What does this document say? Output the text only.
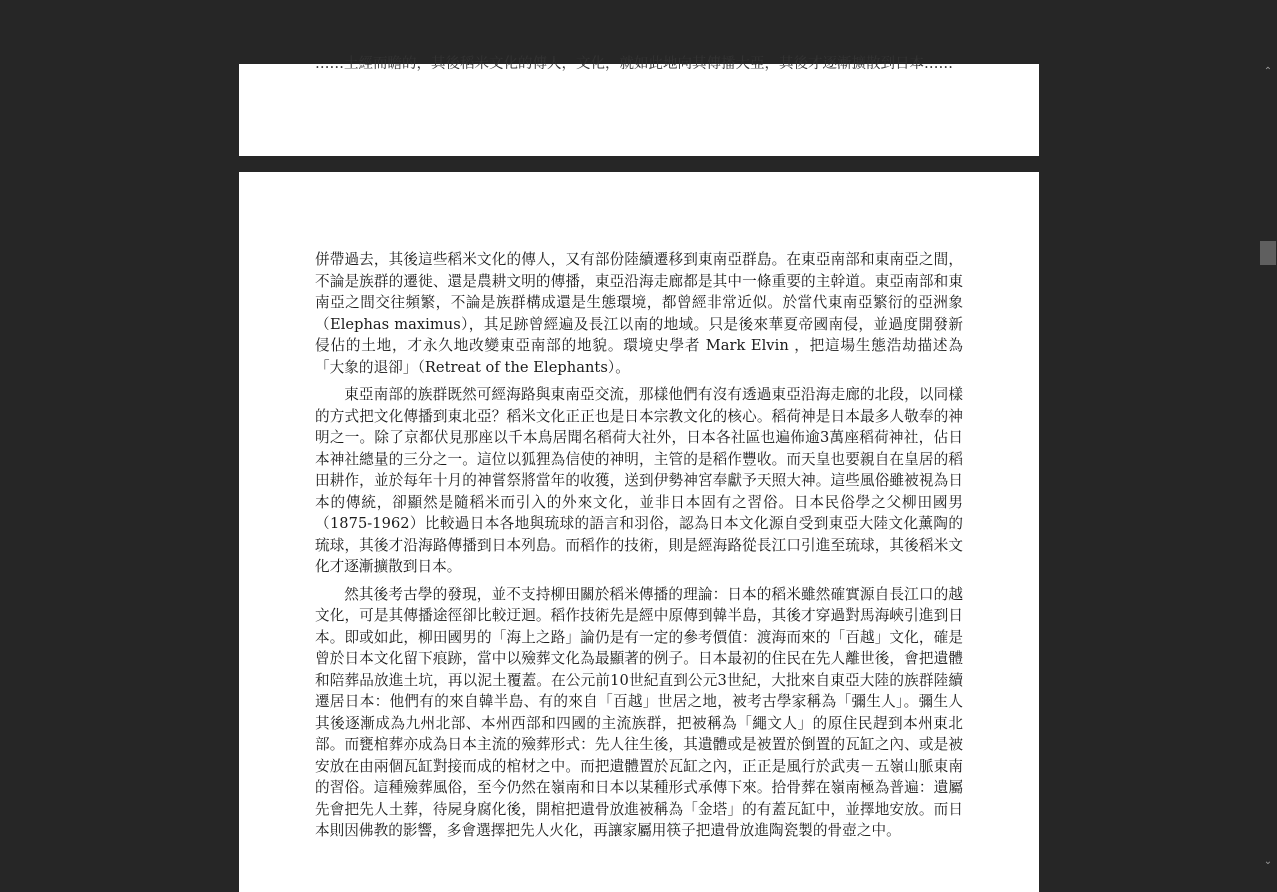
……土經而瞻的，其後稻米文化的傳人，文化，就如此地向其傳播大亞，其後才逐漸擴散到日本……

併帶過去，其後這些稻米文化的傳人，又有部份陸續遷移到東南亞群島。在東亞南部和東南亞之間，不論是族群的遷徙、還是農耕文明的傳播，東亞沿海走廊都是其中一條重要的主幹道。東亞南部和東南亞之間交往頻繁，不論是族群構成還是生態環境，都曾經非常近似。於當代東南亞繁衍的亞洲象（Elephas maximus），其足跡曾經遍及長江以南的地域。只是後來華夏帝國南侵，並過度開發新侵佔的土地，才永久地改變東亞南部的地貌。環境史學者 Mark Elvin ，把這場生態浩劫描述為「大象的退卻」（Retreat of the Elephants）。

東亞南部的族群既然可經海路與東南亞交流，那樣他們有沒有透過東亞沿海走廊的北段，以同樣的方式把文化傳播到東北亞？稻米文化正正也是日本宗教文化的核心。稻荷神是日本最多人敬奉的神明之一。除了京都伏見那座以千本鳥居聞名稻荷大社外，日本各社區也遍佈逾3萬座稻荷神社，佔日本神社總量的三分之一。這位以狐狸為信使的神明，主管的是稻作豐收。而天皇也要親自在皇居的稻田耕作，並於每年十月的神嘗祭將當年的收獲，送到伊勢神宮奉獻予天照大神。這些風俗雖被視為日本的傳統，卻顯然是隨稻米而引入的外來文化，並非日本固有之習俗。日本民俗學之父柳田國男（1875-1962）比較過日本各地與琉球的語言和羽俗，認為日本文化源自受到東亞大陸文化薰陶的琉球，其後才沿海路傳播到日本列島。而稻作的技術，則是經海路從長江口引進至琉球，其後稻米文化才逐漸擴散到日本。

然其後考古學的發現，並不支持柳田關於稻米傳播的理論：日本的稻米雖然確實源自長江口的越文化，可是其傳播途徑卻比較迂迴。稻作技術先是經中原傳到韓半島，其後才穿過對馬海峽引進到日本。即或如此，柳田國男的「海上之路」論仍是有一定的參考價值：渡海而來的「百越」文化，確是曾於日本文化留下痕跡，當中以殮葬文化為最顯著的例子。日本最初的住民在先人離世後，會把遺體和陪葬品放進土坑，再以泥土覆蓋。在公元前10世紀直到公元3世紀，大批來自東亞大陸的族群陸續遷居日本：他們有的來自韓半島、有的來自「百越」世居之地，被考古學家稱為「彌生人」。彌生人其後逐漸成為九州北部、本州西部和四國的主流族群，把被稱為「繩文人」的原住民趕到本州東北部。而甕棺葬亦成為日本主流的殮葬形式：先人往生後，其遺體或是被置於倒置的瓦缸之內、或是被安放在由兩個瓦缸對接而成的棺材之中。而把遺體置於瓦缸之內，正正是風行於武夷－五嶺山脈東南的習俗。這種殮葬風俗，至今仍然在嶺南和日本以某種形式承傳下來。拾骨葬在嶺南極為普遍：遺屬先會把先人土葬，待屍身腐化後，開棺把遺骨放進被稱為「金塔」的有蓋瓦缸中，並擇地安放。而日本則因佛教的影響，多會選擇把先人火化，再讓家屬用筷子把遺骨放進陶瓷製的骨壺之中。

⌃
⌄
